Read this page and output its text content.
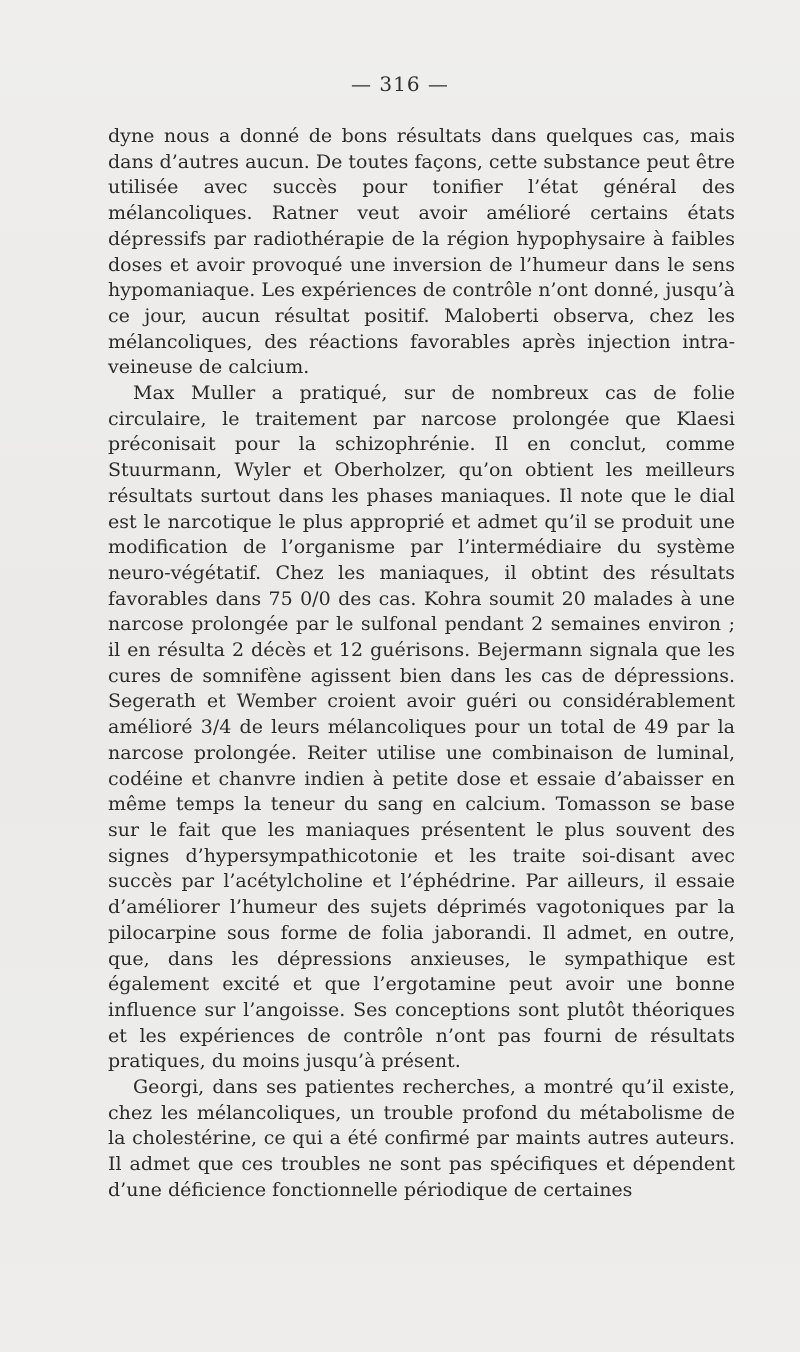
— 316 —

dyne nous a donné de bons résultats dans quelques cas, mais dans d’autres aucun. De toutes façons, cette substance peut être utilisée avec succès pour tonifier l’état général des mélancoliques. Ratner veut avoir amélioré certains états dépressifs par radiothérapie de la région hypophysaire à faibles doses et avoir provoqué une inversion de l’humeur dans le sens hypomaniaque. Les expériences de contrôle n’ont donné, jusqu’à ce jour, aucun résultat positif. Maloberti observa, chez les mélancoliques, des réactions favorables après injection intra-veineuse de calcium.

Max Muller a pratiqué, sur de nombreux cas de folie circulaire, le traitement par narcose prolongée que Klaesi préconisait pour la schizophrénie. Il en conclut, comme Stuurmann, Wyler et Oberholzer, qu’on obtient les meilleurs résultats surtout dans les phases maniaques. Il note que le dial est le narcotique le plus approprié et admet qu’il se produit une modification de l’organisme par l’intermédiaire du système neuro-végétatif. Chez les maniaques, il obtint des résultats favorables dans 75 0/0 des cas. Kohra soumit 20 malades à une narcose prolongée par le sulfonal pendant 2 semaines environ ; il en résulta 2 décès et 12 guérisons. Bejermann signala que les cures de somnifène agissent bien dans les cas de dépressions. Segerath et Wember croient avoir guéri ou considérablement amélioré 3/4 de leurs mélancoliques pour un total de 49 par la narcose prolongée. Reiter utilise une combinaison de luminal, codéine et chanvre indien à petite dose et essaie d’abaisser en même temps la teneur du sang en calcium. Tomasson se base sur le fait que les maniaques présentent le plus souvent des signes d’hypersympathicotonie et les traite soi-disant avec succès par l’acétylcholine et l’éphédrine. Par ailleurs, il essaie d’améliorer l’humeur des sujets déprimés vagotoniques par la pilocarpine sous forme de folia jaborandi. Il admet, en outre, que, dans les dépressions anxieuses, le sympathique est également excité et que l’ergotamine peut avoir une bonne influence sur l’angoisse. Ses conceptions sont plutôt théoriques et les expériences de contrôle n’ont pas fourni de résultats pratiques, du moins jusqu’à présent.

Georgi, dans ses patientes recherches, a montré qu’il existe, chez les mélancoliques, un trouble profond du métabolisme de la cholestérine, ce qui a été confirmé par maints autres auteurs. Il admet que ces troubles ne sont pas spécifiques et dépendent d’une déficience fonctionnelle périodique de certaines
